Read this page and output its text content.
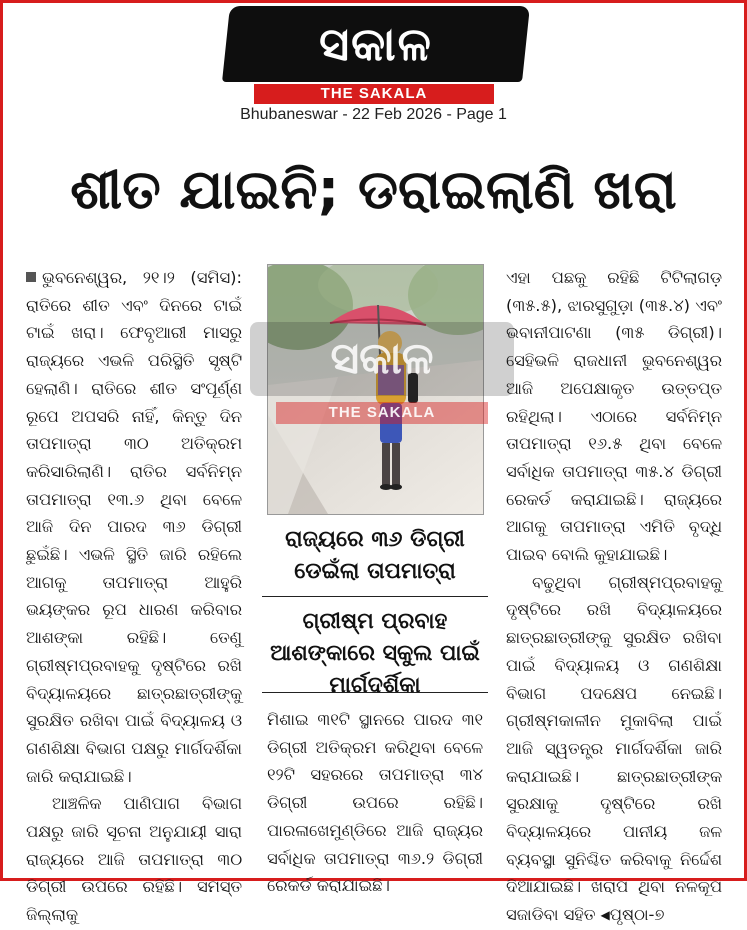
ସକାଳ
THE SAKALA
Bhubaneswar - 22 Feb 2026 - Page 1
ଶୀତ ଯାଇନି; ଡରାଇଲାଣି ଖରା

ଭୁବନେଶ୍ୱର, ୨୧।୨ (ସମିସ): ରାତିରେ ଶୀତ ଏବଂ ଦିନରେ ଟାଇଁ ଟାଇଁ ଖରା। ଫେବୃଆରୀ ମାସରୁ ରାଜ୍ୟରେ ଏଭଳି ପରିସ୍ଥିତି ସୃଷ୍ଟି ହେଲାଣି। ରାତିରେ ଶୀତ ସଂପୂର୍ଣ୍ଣ ରୂପେ ଅପସରି ନାହିଁ, କିନ୍ତୁ ଦିନ ତାପମାତ୍ରା ୩୦ ଅତିକ୍ରମ କରିସାରିଲାଣି। ରାତିର ସର୍ବନିମ୍ନ ତାପମାତ୍ରା ୧୩.୬ ଥିବା ବେଳେ ଆଜି ଦିନ ପାରଦ ୩୬ ଡିଗ୍ରୀ ଛୁଇଁଛି। ଏଭଳି ସ୍ଥିତି ଜାରି ରହିଲେ ଆଗକୁ ତାପମାତ୍ରା ଆହୁରି ଭୟଙ୍କର ରୂପ ଧାରଣ କରିବାର ଆଶଙ୍କା ରହିଛି। ତେଣୁ ଗ୍ରୀଷ୍ମପ୍ରବାହକୁ ଦୃଷ୍ଟିରେ ରଖି ବିଦ୍ୟାଳୟରେ ଛାତ୍ରଛାତ୍ରୀଙ୍କୁ ସୁରକ୍ଷିତ ରଖିବା ପାଇଁ ବିଦ୍ୟାଳୟ ଓ ଗଣଶିକ୍ଷା ବିଭାଗ ପକ୍ଷରୁ ମାର୍ଗଦର୍ଶିକା ଜାରି କରାଯାଇଛି।

ଆଞ୍ଚଳିକ ପାଣିପାଗ ବିଭାଗ ପକ୍ଷରୁ ଜାରି ସୂଚନା ଅନୁଯାୟୀ ସାରା ରାଜ୍ୟରେ ଆଜି ତାପମାତ୍ରା ୩୦ ଡିଗ୍ରୀ ଉପରେ ରହିଛି। ସମସ୍ତ ଜିଲ୍ଲାକୁ

ସକାଳ
THE SAKALA
ରାଜ୍ୟରେ ୩୬ ଡିଗ୍ରୀ ଡେଇଁଲା ତାପମାତ୍ରା
ଗ୍ରୀଷ୍ମ ପ୍ରବାହ ଆଶଙ୍କାରେ ସ୍କୁଲ ପାଇଁ ମାର୍ଗଦର୍ଶିକା

ମିଶାଇ ୩୧ଟି ସ୍ଥାନରେ ପାରଦ ୩୧ ଡିଗ୍ରୀ ଅତିକ୍ରମ କରିଥିବା ବେଳେ ୧୨ଟି ସହରରେ ତାପମାତ୍ରା ୩୪ ଡିଗ୍ରୀ ଉପରେ ରହିଛି। ପାରଳାଖେମୁଣ୍ଡିରେ ଆଜି ରାଜ୍ୟର ସର୍ବାଧିକ ତାପମାତ୍ରା ୩୬.୨ ଡିଗ୍ରୀ ରେକର୍ଡ କରାଯାଇଛି।

ଏହା ପଛକୁ ରହିଛି ଟିଟିଲାଗଡ଼ (୩୫.୫), ଝାରସୁଗୁଡ଼ା (୩୫.୪) ଏବଂ ଭବାନୀପାଟଣା (୩୫ ଡିଗ୍ରୀ)। ସେହିଭଳି ରାଜଧାନୀ ଭୁବନେଶ୍ୱର ଆଜି ଅପେକ୍ଷାକୃତ ଉତ୍ତପ୍ତ ରହିଥିଲା। ଏଠାରେ ସର୍ବନିମ୍ନ ତାପମାତ୍ରା ୧୬.୫ ଥିବା ବେଳେ ସର୍ବାଧିକ ତାପମାତ୍ରା ୩୫.୪ ଡିଗ୍ରୀ ରେକର୍ଡ କରାଯାଇଛି। ରାଜ୍ୟରେ ଆଗକୁ ତାପମାତ୍ରା ଏମିତି ବୃଦ୍ଧି ପାଇବ ବୋଲି କୁହାଯାଇଛି।

ବଢୁଥିବା ଗ୍ରୀଷ୍ମପ୍ରବାହକୁ ଦୃଷ୍ଟିରେ ରଖି ବିଦ୍ୟାଳୟରେ ଛାତ୍ରଛାତ୍ରୀଙ୍କୁ ସୁରକ୍ଷିତ ରଖିବା ପାଇଁ ବିଦ୍ୟାଳୟ ଓ ଗଣଶିକ୍ଷା ବିଭାଗ ପଦକ୍ଷେପ ନେଇଛି। ଗ୍ରୀଷ୍ମକାଳୀନ ମୁକାବିଲା ପାଇଁ ଆଜି ସ୍ୱତନ୍ତ୍ର ମାର୍ଗଦର୍ଶିକା ଜାରି କରାଯାଇଛି। ଛାତ୍ରଛାତ୍ରୀଙ୍କ ସୁରକ୍ଷାକୁ ଦୃଷ୍ଟିରେ ରଖି ବିଦ୍ୟାଳୟରେ ପାନୀୟ ଜଳ ବ୍ୟବସ୍ଥା ସୁନିଶ୍ଚିତ କରିବାକୁ ନିର୍ଦ୍ଦେଶ ଦିଆଯାଇଛି। ଖରାପ ଥିବା ନଳକୂପ ସଜାଡିବା ସହିତ ◀ପୃଷ୍ଠା-୭
